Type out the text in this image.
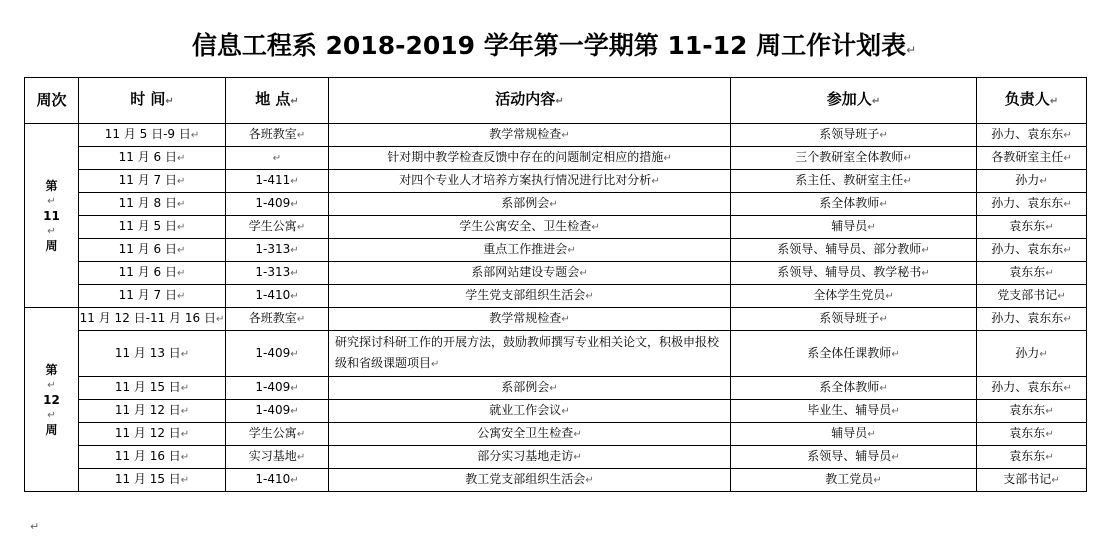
信息工程系 2018-2019 学年第一学期第 11-12 周工作计划表↵
周次	时 间↵	地 点↵	活动内容↵	参加人↵	负责人↵

第
↵
11
↵
周	11 月 5 日-9 日↵	各班教室↵	教学常规检查↵	系领导班子↵	孙力、袁东东↵
	11 月 6 日↵	↵	针对期中教学检查反馈中存在的问题制定相应的措施↵	三个教研室全体教师↵	各教研室主任↵
	11 月 7 日↵	1-411↵	对四个专业人才培养方案执行情况进行比对分析↵	系主任、教研室主任↵	孙力↵
	11 月 8 日↵	1-409↵	系部例会↵	系全体教师↵	孙力、袁东东↵
	11 月 5 日↵	学生公寓↵	学生公寓安全、卫生检查↵	辅导员↵	袁东东↵
	11 月 6 日↵	1-313↵	重点工作推进会↵	系领导、辅导员、部分教师↵	孙力、袁东东↵
	11 月 6 日↵	1-313↵	系部网站建设专题会↵	系领导、辅导员、教学秘书↵	袁东东↵
	11 月 7 日↵	1-410↵	学生党支部组织生活会↵	全体学生党员↵	党支部书记↵

第
↵
12
↵
周	11 月 12 日-11 月 16 日↵	各班教室↵	教学常规检查↵	系领导班子↵	孙力、袁东东↵
	11 月 13 日↵	1-409↵	研究探讨科研工作的开展方法，鼓励教师撰写专业相关论文，积极申报校级和省级课题项目↵	系全体任课教师↵	孙力↵
	11 月 15 日↵	1-409↵	系部例会↵	系全体教师↵	孙力、袁东东↵
	11 月 12 日↵	1-409↵	就业工作会议↵	毕业生、辅导员↵	袁东东↵
	11 月 12 日↵	学生公寓↵	公寓安全卫生检查↵	辅导员↵	袁东东↵
	11 月 16 日↵	实习基地↵	部分实习基地走访↵	系领导、辅导员↵	袁东东↵
	11 月 15 日↵	1-410↵	教工党支部组织生活会↵	教工党员↵	支部书记↵
↵
